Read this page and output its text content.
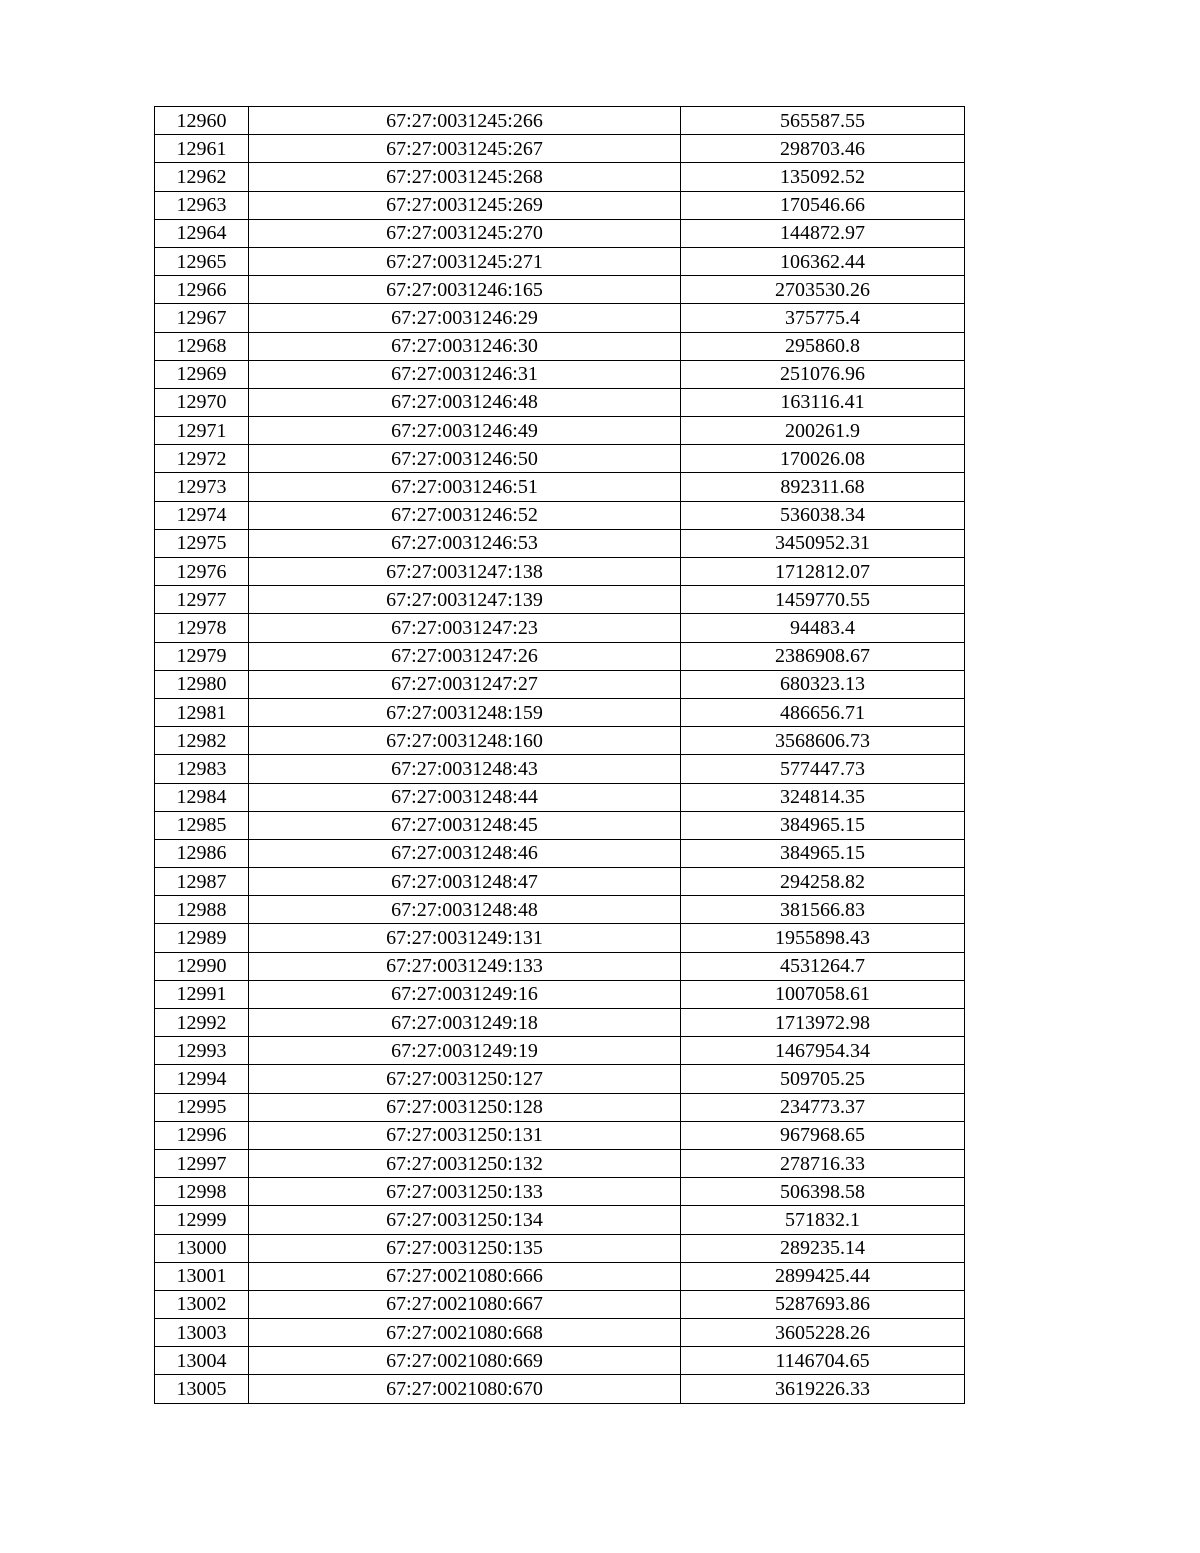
12960	67:27:0031245:266	565587.55
12961	67:27:0031245:267	298703.46
12962	67:27:0031245:268	135092.52
12963	67:27:0031245:269	170546.66
12964	67:27:0031245:270	144872.97
12965	67:27:0031245:271	106362.44
12966	67:27:0031246:165	2703530.26
12967	67:27:0031246:29	375775.4
12968	67:27:0031246:30	295860.8
12969	67:27:0031246:31	251076.96
12970	67:27:0031246:48	163116.41
12971	67:27:0031246:49	200261.9
12972	67:27:0031246:50	170026.08
12973	67:27:0031246:51	892311.68
12974	67:27:0031246:52	536038.34
12975	67:27:0031246:53	3450952.31
12976	67:27:0031247:138	1712812.07
12977	67:27:0031247:139	1459770.55
12978	67:27:0031247:23	94483.4
12979	67:27:0031247:26	2386908.67
12980	67:27:0031247:27	680323.13
12981	67:27:0031248:159	486656.71
12982	67:27:0031248:160	3568606.73
12983	67:27:0031248:43	577447.73
12984	67:27:0031248:44	324814.35
12985	67:27:0031248:45	384965.15
12986	67:27:0031248:46	384965.15
12987	67:27:0031248:47	294258.82
12988	67:27:0031248:48	381566.83
12989	67:27:0031249:131	1955898.43
12990	67:27:0031249:133	4531264.7
12991	67:27:0031249:16	1007058.61
12992	67:27:0031249:18	1713972.98
12993	67:27:0031249:19	1467954.34
12994	67:27:0031250:127	509705.25
12995	67:27:0031250:128	234773.37
12996	67:27:0031250:131	967968.65
12997	67:27:0031250:132	278716.33
12998	67:27:0031250:133	506398.58
12999	67:27:0031250:134	571832.1
13000	67:27:0031250:135	289235.14
13001	67:27:0021080:666	2899425.44
13002	67:27:0021080:667	5287693.86
13003	67:27:0021080:668	3605228.26
13004	67:27:0021080:669	1146704.65
13005	67:27:0021080:670	3619226.33
